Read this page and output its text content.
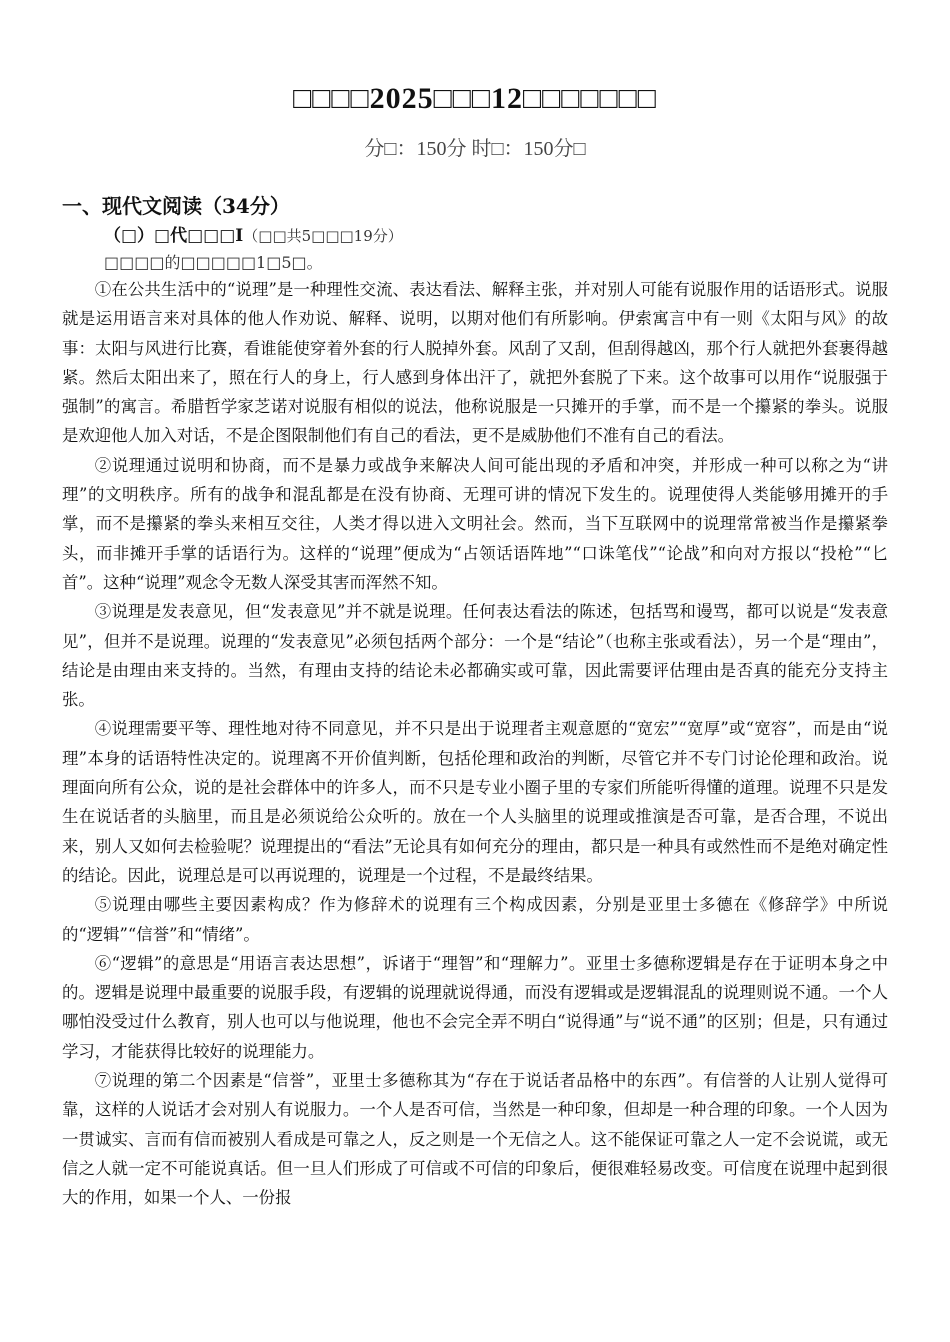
□□□□2025□□□12□□□□□□□
分□：150分 时□：150分□
一、现代文阅读（34分）
（□）□代□□□I（□□共5□□□19分）
□□□□的□□□□□1□5□。

①在公共生活中的“说理”是一种理性交流、表达看法、解释主张，并对别人可能有说服作用的话语形式。说服就是运用语言来对具体的他人作劝说、解释、说明，以期对他们有所影响。伊索寓言中有一则《太阳与风》的故事：太阳与风进行比赛，看谁能使穿着外套的行人脱掉外套。风刮了又刮，但刮得越凶，那个行人就把外套裹得越紧。然后太阳出来了，照在行人的身上，行人感到身体出汗了，就把外套脱了下来。这个故事可以用作“说服强于强制”的寓言。希腊哲学家芝诺对说服有相似的说法，他称说服是一只摊开的手掌，而不是一个攥紧的拳头。说服是欢迎他人加入对话，不是企图限制他们有自己的看法，更不是威胁他们不准有自己的看法。

②说理通过说明和协商，而不是暴力或战争来解决人间可能出现的矛盾和冲突，并形成一种可以称之为“讲理”的文明秩序。所有的战争和混乱都是在没有协商、无理可讲的情况下发生的。说理使得人类能够用摊开的手掌，而不是攥紧的拳头来相互交往，人类才得以进入文明社会。然而，当下互联网中的说理常常被当作是攥紧拳头，而非摊开手掌的话语行为。这样的“说理”便成为“占领话语阵地”“口诛笔伐”“论战”和向对方报以“投枪”“匕首”。这种“说理”观念令无数人深受其害而浑然不知。

③说理是发表意见，但“发表意见”并不就是说理。任何表达看法的陈述，包括骂和谩骂，都可以说是“发表意见”，但并不是说理。说理的“发表意见”必须包括两个部分：一个是“结论”（也称主张或看法），另一个是“理由”，结论是由理由来支持的。当然，有理由支持的结论未必都确实或可靠，因此需要评估理由是否真的能充分支持主张。

④说理需要平等、理性地对待不同意见，并不只是出于说理者主观意愿的“宽宏”“宽厚”或“宽容”，而是由“说理”本身的话语特性决定的。说理离不开价值判断，包括伦理和政治的判断，尽管它并不专门讨论伦理和政治。说理面向所有公众，说的是社会群体中的许多人，而不只是专业小圈子里的专家们所能听得懂的道理。说理不只是发生在说话者的头脑里，而且是必须说给公众听的。放在一个人头脑里的说理或推演是否可靠，是否合理，不说出来，别人又如何去检验呢？说理提出的“看法”无论具有如何充分的理由，都只是一种具有或然性而不是绝对确定性的结论。因此，说理总是可以再说理的，说理是一个过程，不是最终结果。

⑤说理由哪些主要因素构成？作为修辞术的说理有三个构成因素，分别是亚里士多德在《修辞学》中所说的“逻辑”“信誉”和“情绪”。

⑥“逻辑”的意思是“用语言表达思想”，诉诸于“理智”和“理解力”。亚里士多德称逻辑是存在于证明本身之中的。逻辑是说理中最重要的说服手段，有逻辑的说理就说得通，而没有逻辑或是逻辑混乱的说理则说不通。一个人哪怕没受过什么教育，别人也可以与他说理，他也不会完全弄不明白“说得通”与“说不通”的区别；但是，只有通过学习，才能获得比较好的说理能力。

⑦说理的第二个因素是“信誉”，亚里士多德称其为“存在于说话者品格中的东西”。有信誉的人让别人觉得可靠，这样的人说话才会对别人有说服力。一个人是否可信，当然是一种印象，但却是一种合理的印象。一个人因为一贯诚实、言而有信而被别人看成是可靠之人，反之则是一个无信之人。这不能保证可靠之人一定不会说谎，或无信之人就一定不可能说真话。但一旦人们形成了可信或不可信的印象后，便很难轻易改变。可信度在说理中起到很大的作用，如果一个人、一份报
